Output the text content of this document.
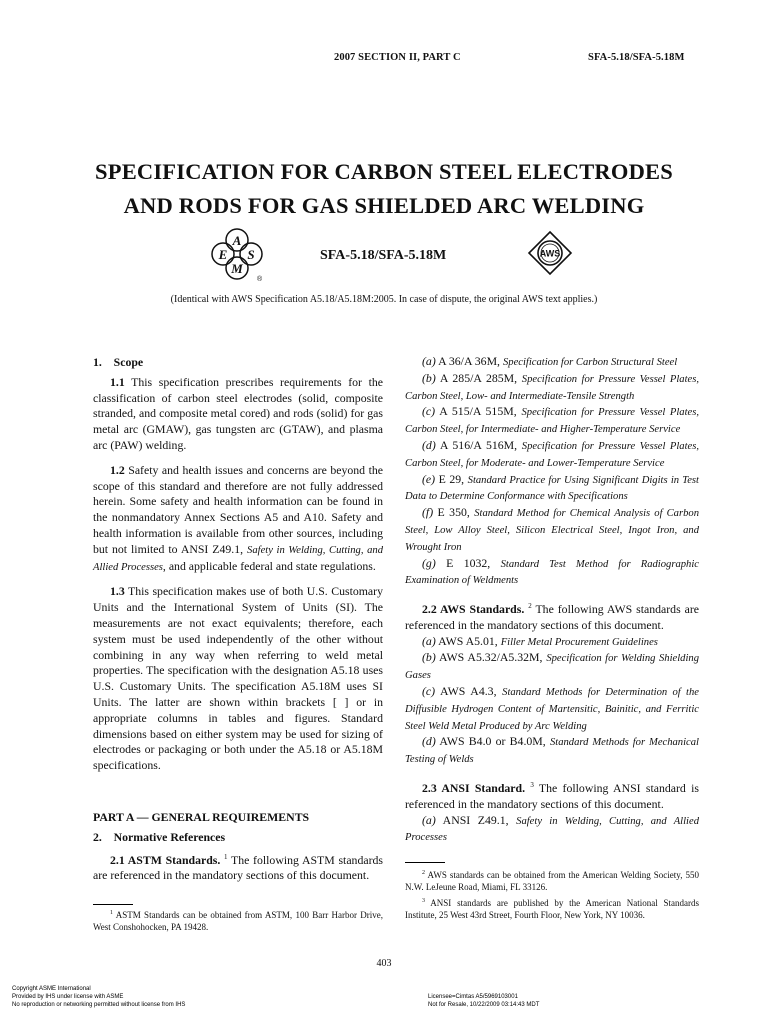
2007 SECTION II, PART C	SFA-5.18/SFA-5.18M
SPECIFICATION FOR CARBON STEEL ELECTRODES
AND RODS FOR GAS SHIELDED ARC WELDING
A
E S
M
®
SFA-5.18/SFA-5.18M	AWS
(Identical with AWS Specification A5.18/A5.18M:2005. In case of dispute, the original AWS text applies.)
1.    Scope

1.1 This specification prescribes requirements for the classification of carbon steel electrodes (solid, composite stranded, and composite metal cored) and rods (solid) for gas metal arc (GMAW), gas tungsten arc (GTAW), and plasma arc (PAW) welding.

1.2 Safety and health issues and concerns are beyond the scope of this standard and therefore are not fully addressed herein. Some safety and health information can be found in the nonmandatory Annex Sections A5 and A10. Safety and health information is available from other sources, including but not limited to ANSI Z49.1, Safety in Welding, Cutting, and Allied Processes, and applicable federal and state regulations.

1.3 This specification makes use of both U.S. Customary Units and the International System of Units (SI). The measurements are not exact equivalents; therefore, each system must be used independently of the other without combining in any way when referring to weld metal properties. The specification with the designation A5.18 uses U.S. Customary Units. The specification A5.18M uses SI Units. The latter are shown within brackets [ ] or in appropriate columns in tables and figures. Standard dimensions based on either system may be used for sizing of electrodes or packaging or both under the A5.18 or A5.18M specifications.

PART A — GENERAL REQUIREMENTS
2.    Normative References

2.1 ASTM Standards. $^1$ The following ASTM standards are referenced in the mandatory sections of this document.

$^1$ ASTM Standards can be obtained from ASTM, 100 Barr Harbor Drive, West Conshohocken, PA 19428.

(a) A 36/A 36M, Specification for Carbon Structural Steel

(b) A 285/A 285M, Specification for Pressure Vessel Plates, Carbon Steel, Low- and Intermediate-Tensile Strength

(c) A 515/A 515M, Specification for Pressure Vessel Plates, Carbon Steel, for Intermediate- and Higher-Temperature Service

(d) A 516/A 516M, Specification for Pressure Vessel Plates, Carbon Steel, for Moderate- and Lower-Temperature Service

(e) E 29, Standard Practice for Using Significant Digits in Test Data to Determine Conformance with Specifications

(f) E 350, Standard Method for Chemical Analysis of Carbon Steel, Low Alloy Steel, Silicon Electrical Steel, Ingot Iron, and Wrought Iron

(g) E 1032, Standard Test Method for Radiographic Examination of Weldments

2.2 AWS Standards. $^2$ The following AWS standards are referenced in the mandatory sections of this document.

(a) AWS A5.01, Filler Metal Procurement Guidelines

(b) AWS A5.32/A5.32M, Specification for Welding Shielding Gases

(c) AWS A4.3, Standard Methods for Determination of the Diffusible Hydrogen Content of Martensitic, Bainitic, and Ferritic Steel Weld Metal Produced by Arc Welding

(d) AWS B4.0 or B4.0M, Standard Methods for Mechanical Testing of Welds

2.3 ANSI Standard. $^3$ The following ANSI standard is referenced in the mandatory sections of this document.

(a) ANSI Z49.1, Safety in Welding, Cutting, and Allied Processes

$^2$ AWS standards can be obtained from the American Welding Society, 550 N.W. LeJeune Road, Miami, FL 33126.
$^3$ ANSI standards are published by the American National Standards Institute, 25 West 43rd Street, Fourth Floor, New York, NY 10036.
403
Copyright ASME International
Provided by IHS under license with ASME
No reproduction or networking permitted without license from IHS
Licensee=Cimtas A5/5969103001
Not for Resale, 10/22/2009 03:14:43 MDT
